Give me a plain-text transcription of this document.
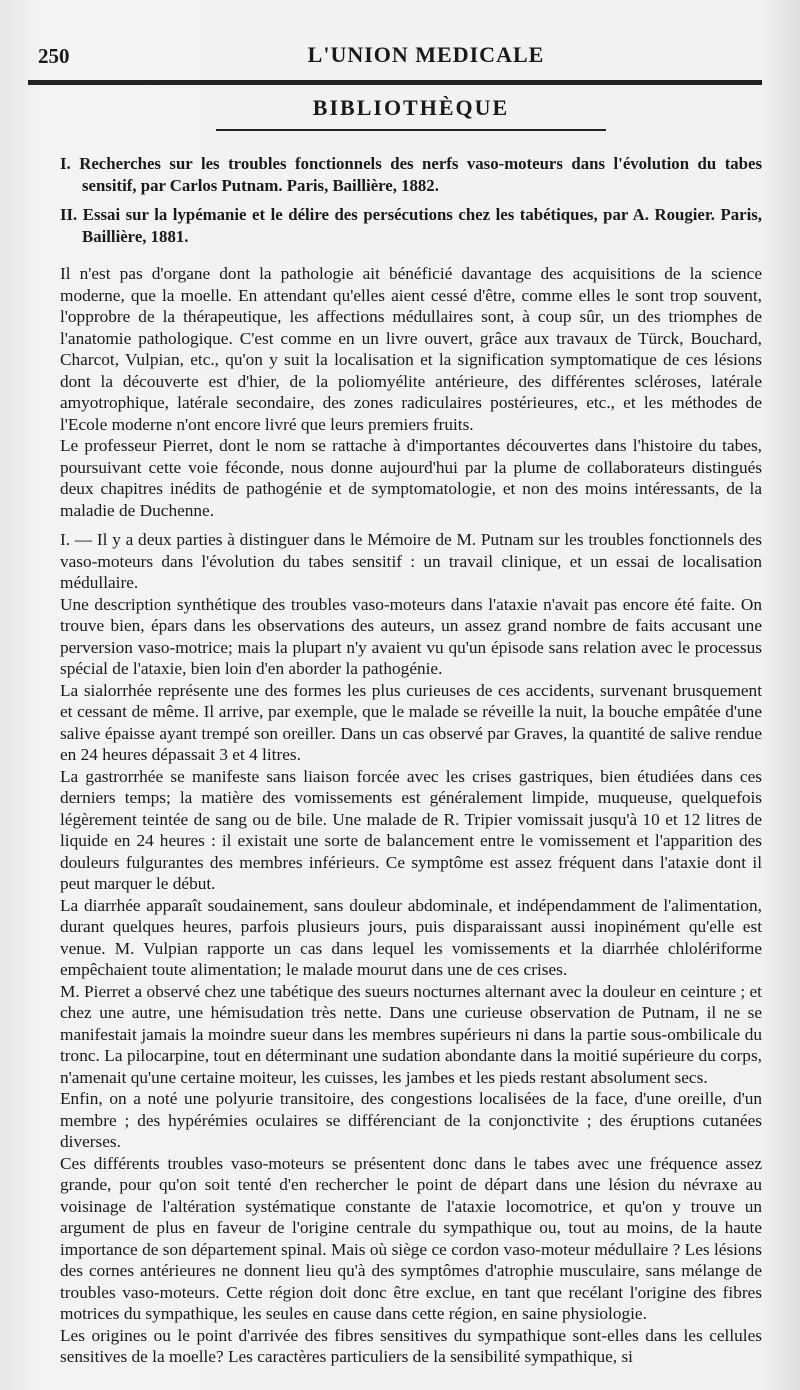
250	L'UNION MEDICALE
BIBLIOTHÈQUE

I. Recherches sur les troubles fonctionnels des nerfs vaso-moteurs dans l'évolution du tabes sensitif, par Carlos Putnam. Paris, Baillière, 1882.

II. Essai sur la lypémanie et le délire des persécutions chez les tabétiques, par A. Rougier. Paris, Baillière, 1881.

Il n'est pas d'organe dont la pathologie ait bénéficié davantage des acquisitions de la science moderne, que la moelle. En attendant qu'elles aient cessé d'être, comme elles le sont trop souvent, l'opprobre de la thérapeutique, les affections médullaires sont, à coup sûr, un des triomphes de l'anatomie pathologique. C'est comme en un livre ouvert, grâce aux travaux de Türck, Bouchard, Charcot, Vulpian, etc., qu'on y suit la localisation et la signification symptomatique de ces lésions dont la découverte est d'hier, de la poliomyélite antérieure, des différentes scléroses, latérale amyotrophique, latérale secondaire, des zones radiculaires postérieures, etc., et les méthodes de l'Ecole moderne n'ont encore livré que leurs premiers fruits.

Le professeur Pierret, dont le nom se rattache à d'importantes découvertes dans l'histoire du tabes, poursuivant cette voie féconde, nous donne aujourd'hui par la plume de collaborateurs distingués deux chapitres inédits de pathogénie et de symptomatologie, et non des moins intéressants, de la maladie de Duchenne.

I. — Il y a deux parties à distinguer dans le Mémoire de M. Putnam sur les troubles fonctionnels des vaso-moteurs dans l'évolution du tabes sensitif : un travail clinique, et un essai de localisation médullaire.

Une description synthétique des troubles vaso-moteurs dans l'ataxie n'avait pas encore été faite. On trouve bien, épars dans les observations des auteurs, un assez grand nombre de faits accusant une perversion vaso-motrice; mais la plupart n'y avaient vu qu'un épisode sans relation avec le processus spécial de l'ataxie, bien loin d'en aborder la pathogénie.

La sialorrhée représente une des formes les plus curieuses de ces accidents, survenant brusquement et cessant de même. Il arrive, par exemple, que le malade se réveille la nuit, la bouche empâtée d'une salive épaisse ayant trempé son oreiller. Dans un cas observé par Graves, la quantité de salive rendue en 24 heures dépassait 3 et 4 litres.

La gastrorrhée se manifeste sans liaison forcée avec les crises gastriques, bien étudiées dans ces derniers temps; la matière des vomissements est généralement limpide, muqueuse, quelquefois légèrement teintée de sang ou de bile. Une malade de R. Tripier vomissait jusqu'à 10 et 12 litres de liquide en 24 heures : il existait une sorte de balancement entre le vomissement et l'apparition des douleurs fulgurantes des membres inférieurs. Ce symptôme est assez fréquent dans l'ataxie dont il peut marquer le début.

La diarrhée apparaît soudainement, sans douleur abdominale, et indépendamment de l'alimentation, durant quelques heures, parfois plusieurs jours, puis disparaissant aussi inopinément qu'elle est venue. M. Vulpian rapporte un cas dans lequel les vomissements et la diarrhée chlolériforme empêchaient toute alimentation; le malade mourut dans une de ces crises.

M. Pierret a observé chez une tabétique des sueurs nocturnes alternant avec la douleur en ceinture ; et chez une autre, une hémisudation très nette. Dans une curieuse observation de Putnam, il ne se manifestait jamais la moindre sueur dans les membres supérieurs ni dans la partie sous-ombilicale du tronc. La pilocarpine, tout en déterminant une sudation abondante dans la moitié supérieure du corps, n'amenait qu'une certaine moiteur, les cuisses, les jambes et les pieds restant absolument secs.

Enfin, on a noté une polyurie transitoire, des congestions localisées de la face, d'une oreille, d'un membre ; des hypérémies oculaires se différenciant de la conjonctivite ; des éruptions cutanées diverses.

Ces différents troubles vaso-moteurs se présentent donc dans le tabes avec une fréquence assez grande, pour qu'on soit tenté d'en rechercher le point de départ dans une lésion du névraxe au voisinage de l'altération systématique constante de l'ataxie locomotrice, et qu'on y trouve un argument de plus en faveur de l'origine centrale du sympathique ou, tout au moins, de la haute importance de son département spinal. Mais où siège ce cordon vaso-moteur médullaire ? Les lésions des cornes antérieures ne donnent lieu qu'à des symptômes d'atrophie musculaire, sans mélange de troubles vaso-moteurs. Cette région doit donc être exclue, en tant que recélant l'origine des fibres motrices du sympathique, les seules en cause dans cette région, en saine physiologie.

Les origines ou le point d'arrivée des fibres sensitives du sympathique sont-elles dans les cellules sensitives de la moelle? Les caractères particuliers de la sensibilité sympathique, si
